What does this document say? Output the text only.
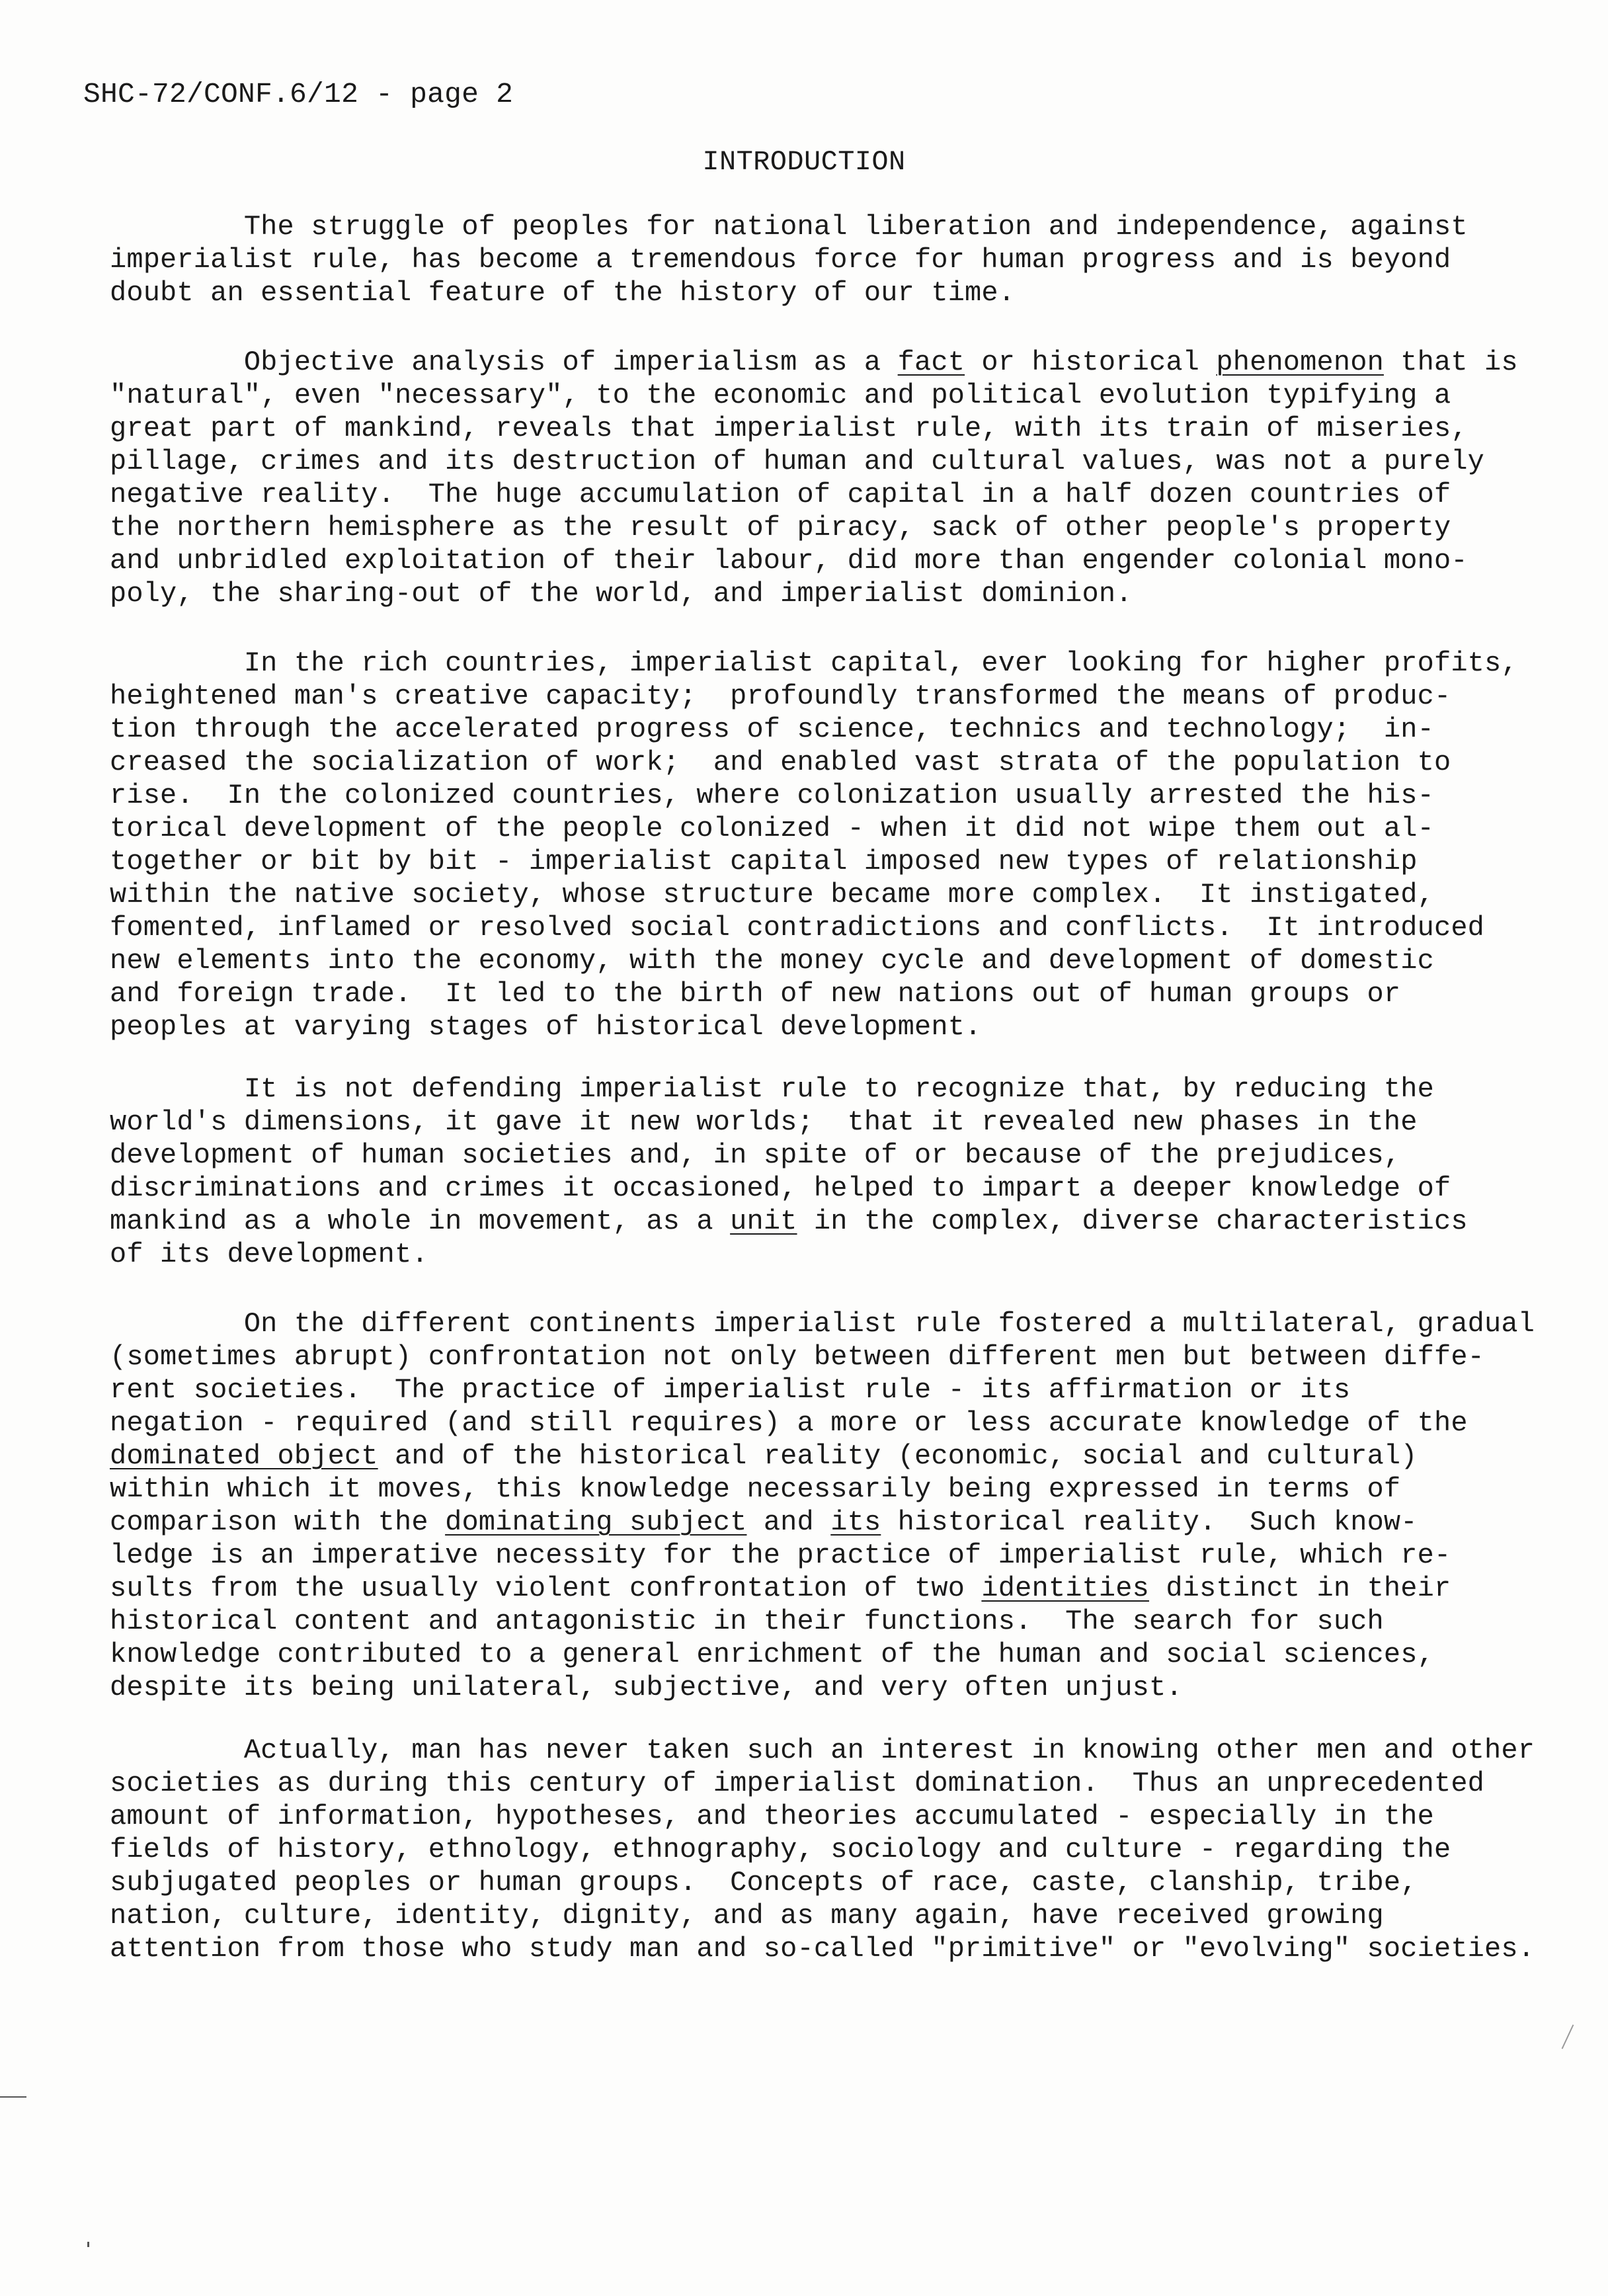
SHC-72/CONF.6/12 - page 2
INTRODUCTION
The struggle of peoples for national liberation and independence, against
imperialist rule, has become a tremendous force for human progress and is beyond
doubt an essential feature of the history of our time.
Objective analysis of imperialism as a fact or historical phenomenon that is
"natural", even "necessary", to the economic and political evolution typifying a
great part of mankind, reveals that imperialist rule, with its train of miseries,
pillage, crimes and its destruction of human and cultural values, was not a purely
negative reality.  The huge accumulation of capital in a half dozen countries of
the northern hemisphere as the result of piracy, sack of other people's property
and unbridled exploitation of their labour, did more than engender colonial mono-
poly, the sharing-out of the world, and imperialist dominion.
In the rich countries, imperialist capital, ever looking for higher profits,
heightened man's creative capacity;  profoundly transformed the means of produc-
tion through the accelerated progress of science, technics and technology;  in-
creased the socialization of work;  and enabled vast strata of the population to
rise.  In the colonized countries, where colonization usually arrested the his-
torical development of the people colonized - when it did not wipe them out al-
together or bit by bit - imperialist capital imposed new types of relationship
within the native society, whose structure became more complex.  It instigated,
fomented, inflamed or resolved social contradictions and conflicts.  It introduced
new elements into the economy, with the money cycle and development of domestic
and foreign trade.  It led to the birth of new nations out of human groups or
peoples at varying stages of historical development.
It is not defending imperialist rule to recognize that, by reducing the
world's dimensions, it gave it new worlds;  that it revealed new phases in the
development of human societies and, in spite of or because of the prejudices,
discriminations and crimes it occasioned, helped to impart a deeper knowledge of
mankind as a whole in movement, as a unit in the complex, diverse characteristics
of its development.
On the different continents imperialist rule fostered a multilateral, gradual
(sometimes abrupt) confrontation not only between different men but between diffe-
rent societies.  The practice of imperialist rule - its affirmation or its
negation - required (and still requires) a more or less accurate knowledge of the
dominated object and of the historical reality (economic, social and cultural)
within which it moves, this knowledge necessarily being expressed in terms of
comparison with the dominating subject and its historical reality.  Such know-
ledge is an imperative necessity for the practice of imperialist rule, which re-
sults from the usually violent confrontation of two identities distinct in their
historical content and antagonistic in their functions.  The search for such
knowledge contributed to a general enrichment of the human and social sciences,
despite its being unilateral, subjective, and very often unjust.
Actually, man has never taken such an interest in knowing other men and other
societies as during this century of imperialist domination.  Thus an unprecedented
amount of information, hypotheses, and theories accumulated - especially in the
fields of history, ethnology, ethnography, sociology and culture - regarding the
subjugated peoples or human groups.  Concepts of race, caste, clanship, tribe,
nation, culture, identity, dignity, and as many again, have received growing
attention from those who study man and so-called "primitive" or "evolving" societies.
